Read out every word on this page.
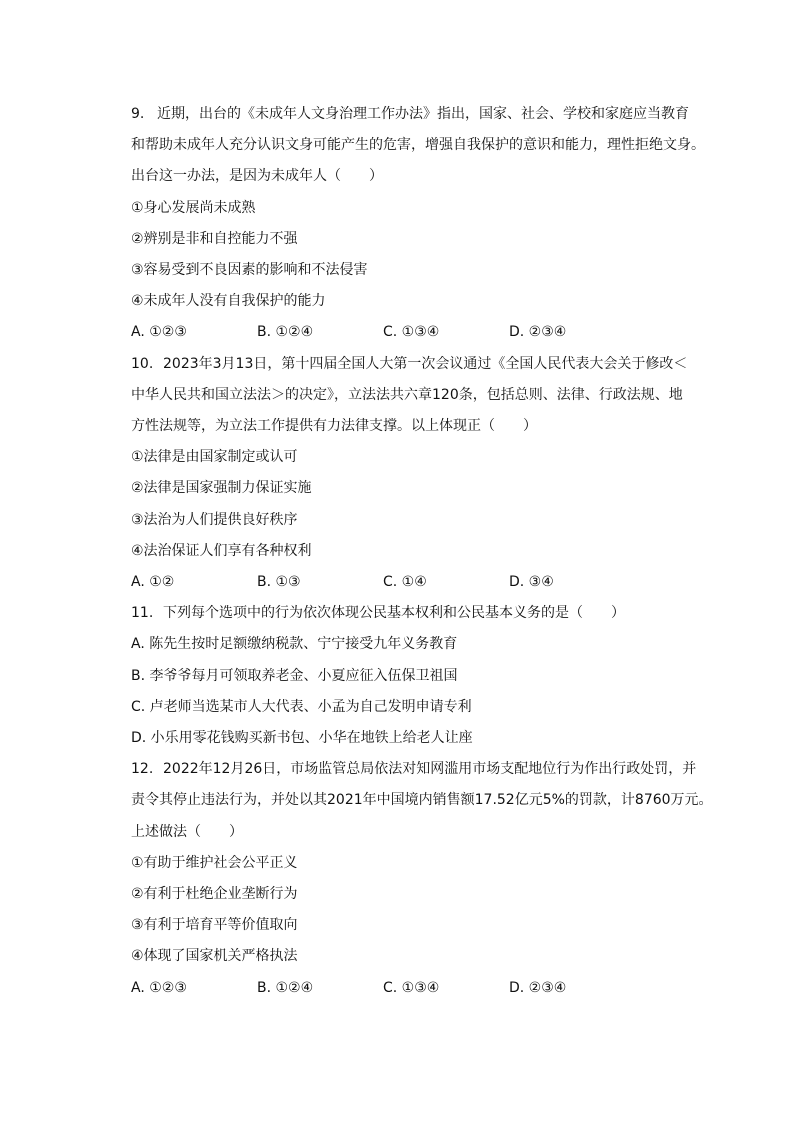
9. 近期，出台的《未成年人文身治理工作办法》指出，国家、社会、学校和家庭应当教育
和帮助未成年人充分认识文身可能产生的危害，增强自我保护的意识和能力，理性拒绝文身。
出台这一办法，是因为未成年人（　　）
①身心发展尚未成熟
②辨别是非和自控能力不强
③容易受到不良因素的影响和不法侵害
④未成年人没有自我保护的能力
A. ①②③	B. ①②④	C. ①③④	D. ②③④
10. 2023年3月13日，第十四届全国人大第一次会议通过《全国人民代表大会关于修改＜
中华人民共和国立法法＞的决定》，立法法共六章120条，包括总则、法律、行政法规、地
方性法规等，为立法工作提供有力法律支撑。以上体现正（　　）
①法律是由国家制定或认可
②法律是国家强制力保证实施
③法治为人们提供良好秩序
④法治保证人们享有各种权利
A. ①②	B. ①③	C. ①④	D. ③④
11. 下列每个选项中的行为依次体现公民基本权利和公民基本义务的是（　　）
A. 陈先生按时足额缴纳税款、宁宁接受九年义务教育
B. 李爷爷每月可领取养老金、小夏应征入伍保卫祖国
C. 卢老师当选某市人大代表、小孟为自己发明申请专利
D. 小乐用零花钱购买新书包、小华在地铁上给老人让座
12. 2022年12月26日，市场监管总局依法对知网滥用市场支配地位行为作出行政处罚，并
责令其停止违法行为，并处以其2021年中国境内销售额17.52亿元5%的罚款，计8760万元。
上述做法（　　）
①有助于维护社会公平正义
②有利于杜绝企业垄断行为
③有利于培育平等价值取向
④体现了国家机关严格执法
A. ①②③	B. ①②④	C. ①③④	D. ②③④
